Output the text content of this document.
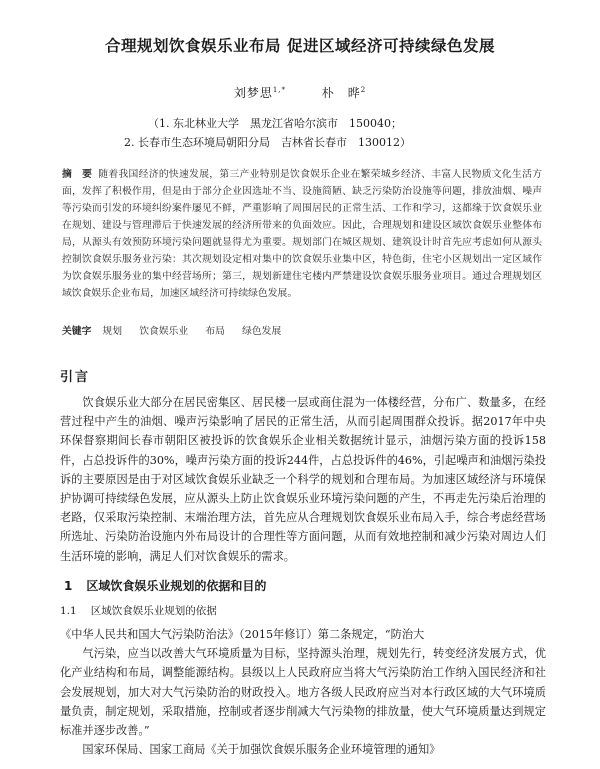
合理规划饮食娱乐业布局 促进区域经济可持续绿色发展
刘梦思$^{1,*}$	朴　晔$^2$
（1. 东北林业大学　黑龙江省哈尔滨市　150040；
2. 长春市生态环境局朝阳分局　吉林省长春市　130012）
摘　要 随着我国经济的快速发展，第三产业特别是饮食娱乐企业在繁荣城乡经济、丰富人民物质文化生活方面，发挥了积极作用，但是由于部分企业因选址不当、设施简陋、缺乏污染防治设施等问题，排放油烟、噪声等污染而引发的环境纠纷案件屡见不鲜，严重影响了周围居民的正常生活、工作和学习，这都缘于饮食娱乐业在规划、建设与管理滞后于快速发展的经济所带来的负面效应。因此，合理规划和建设区域饮食娱乐业整体布局，从源头有效预防环境污染问题就显得尤为重要。规划部门在城区规划、建筑设计时首先应考虑如何从源头控制饮食娱乐服务业污染：其次规划设定相对集中的饮食娱乐业集中区，特色街，住宅小区规划出一定区域作为饮食娱乐服务业的集中经营场所；第三，规划新建住宅楼内严禁建设饮食娱乐服务业项目。通过合理规划区域饮食娱乐企业布局，加速区域经济可持续绿色发展。
关键字 规划 饮食娱乐业 布局 绿色发展
引言

饮食娱乐业大部分在居民密集区、居民楼一层或商住混为一体楼经营，分布广、数量多，在经营过程中产生的油烟、噪声污染影响了居民的正常生活，从而引起周围群众投诉。据2017年中央环保督察期间长春市朝阳区被投诉的饮食娱乐企业相关数据统计显示，油烟污染方面的投诉158件，占总投诉件的30%，噪声污染方面的投诉244件，占总投诉件的46%，引起噪声和油烟污染投诉的主要原因是由于对区域饮食娱乐业缺乏一个科学的规划和合理布局。为加速区域经济与环境保护协调可持续绿色发展，应从源头上防止饮食娱乐业环境污染问题的产生，不再走先污染后治理的老路，仅采取污染控制、末端治理方法，首先应从合理规划饮食娱乐业布局入手，综合考虑经营场所选址、污染防治设施内外布局设计的合理性等方面问题，从而有效地控制和减少污染对周边人们生活环境的影响，满足人们对饮食娱乐的需求。

1 区域饮食娱乐业规划的依据和目的
1.1 区域饮食娱乐业规划的依据

《中华人民共和国大气污染防治法》（2015年修订）第二条规定，“防治大

气污染，应当以改善大气环境质量为目标，坚持源头治理，规划先行，转变经济发展方式，优化产业结构和布局，调整能源结构。县级以上人民政府应当将大气污染防治工作纳入国民经济和社会发展规划，加大对大气污染防治的财政投入。地方各级人民政府应当对本行政区域的大气环境质量负责，制定规划，采取措施，控制或者逐步削减大气污染物的排放量，使大气环境质量达到规定标准并逐步改善。”

国家环保局、国家工商局《关于加强饮食娱乐服务企业环境管理的通知》
